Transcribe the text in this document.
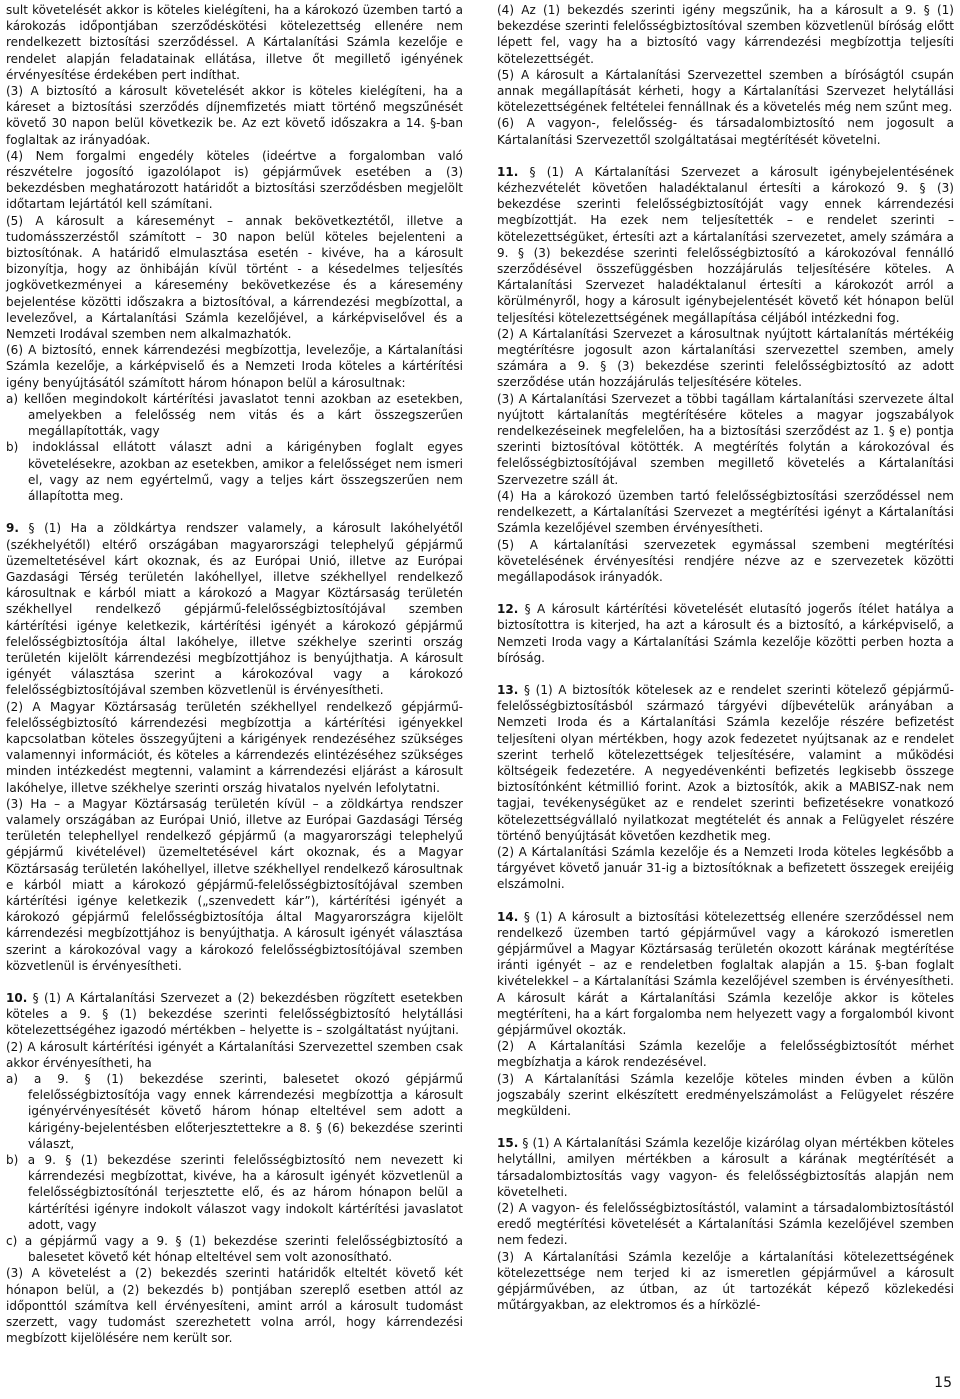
sult követelését akkor is köteles kielégíteni, ha a károkozó üzemben tartó a károkozás időpontjában szerződéskötési kötelezettség ellenére nem rendelkezett biztosítási szerződéssel. A Kártalanítási Számla kezelője e rendelet alapján feladatainak ellátása, illetve őt megillető igényének érvényesítése érdekében pert indíthat.

(3) A biztosító a károsult követelését akkor is köteles kielégíteni, ha a káreset a biztosítási szerződés díjnemfizetés miatt történő megszűnését követő 30 napon belül következik be. Az ezt követő időszakra a 14. §-ban foglaltak az irányadóak.

(4) Nem forgalmi engedély köteles (ideértve a forgalomban való részvételre jogosító igazolólapot is) gépjárművek esetében a (3) bekezdésben meghatározott határidőt a biztosítási szerződésben megjelölt időtartam lejártától kell számítani.

(5) A károsult a káreseményt – annak bekövetkeztétől, illetve a tudomásszerzéstől számított – 30 napon belül köteles bejelenteni a biztosítónak. A határidő elmulasztása esetén - kivéve, ha a károsult bizonyítja, hogy az önhibáján kívül történt - a késedelmes teljesítés jogkövetkezményei a káresemény bekövetkezése és a káresemény bejelentése közötti időszakra a biztosítóval, a kárrendezési megbízottal, a levelezővel, a Kártalanítási Számla kezelőjével, a kárképviselővel és a Nemzeti Irodával szemben nem alkalmazhatók.

(6) A biztosító, ennek kárrendezési megbízottja, levelezője, a Kártalanítási Számla kezelője, a kárképviselő és a Nemzeti Iroda köteles a kártérítési igény benyújtásától számított három hónapon belül a károsultnak:

a) kellően megindokolt kártérítési javaslatot tenni azokban az esetekben, amelyekben a felelősség nem vitás és a kárt összegszerűen megállapították, vagy

b) indoklással ellátott választ adni a kárigényben foglalt egyes követelésekre, azokban az esetekben, amikor a felelősséget nem ismeri el, vagy az nem egyértelmű, vagy a teljes kárt összegszerűen nem állapította meg.

9. § (1) Ha a zöldkártya rendszer valamely, a károsult lakóhelyétől (székhelyétől) eltérő országában magyarországi telephelyű gépjármű üzemeltetésével kárt okoznak, és az Európai Unió, illetve az Európai Gazdasági Térség területén lakóhellyel, illetve székhellyel rendelkező károsultnak e kárból miatt a károkozó a Magyar Köztársaság területén székhellyel rendelkező gépjármű-felelősségbiztosítójával szemben kártérítési igénye keletkezik, kártérítési igényét a károkozó gépjármű felelősségbiztosítója által lakóhelye, illetve székhelye szerinti ország területén kijelölt kárrendezési megbízottjához is benyújthatja. A károsult igényét választása szerint a károkozóval vagy a károkozó felelősségbiztosítójával szemben közvetlenül is érvényesítheti.

(2) A Magyar Köztársaság területén székhellyel rendelkező gépjármű-felelősségbiztosító kárrendezési megbízottja a kártérítési igényekkel kapcsolatban köteles összegyűjteni a kárigények rendezéséhez szükséges valamennyi információt, és köteles a kárrendezés elintézéséhez szükséges minden intézkedést megtenni, valamint a kárrendezési eljárást a károsult lakóhelye, illetve székhelye szerinti ország hivatalos nyelvén lefolytatni.

(3) Ha – a Magyar Köztársaság területén kívül – a zöldkártya rendszer valamely országában az Európai Unió, illetve az Európai Gazdasági Térség területén telephellyel rendelkező gépjármű (a magyarországi telephelyű gépjármű kivételével) üzemeltetésével kárt okoznak, és a Magyar Köztársaság területén lakóhellyel, illetve székhellyel rendelkező károsultnak e kárból miatt a károkozó gépjármű-felelősségbiztosítójával szemben kártérítési igénye keletkezik („szenvedett kár”), kártérítési igényét a károkozó gépjármű felelősségbiztosítója által Magyarországra kijelölt kárrendezési megbízottjához is benyújthatja. A károsult igényét választása szerint a károkozóval vagy a károkozó felelősségbiztosítójával szemben közvetlenül is érvényesítheti.

10. § (1) A Kártalanítási Szervezet a (2) bekezdésben rögzített esetekben köteles a 9. § (1) bekezdése szerinti felelősségbiztosító helytállási kötelezettségéhez igazodó mértékben – helyette is – szolgáltatást nyújtani.

(2) A károsult kártérítési igényét a Kártalanítási Szervezettel szemben csak akkor érvényesítheti, ha

a) a 9. § (1) bekezdése szerinti, balesetet okozó gépjármű felelősségbiztosítója vagy ennek kárrendezési megbízottja a károsult igényérvényesítését követő három hónap elteltével sem adott a kárigény-bejelentésben előterjesztettekre a 8. § (6) bekezdése szerinti választ,

b) a 9. § (1) bekezdése szerinti felelősségbiztosító nem nevezett ki kárrendezési megbízottat, kivéve, ha a károsult igényét közvetlenül a felelősségbiztosítónál terjesztette elő, és az három hónapon belül a kártérítési igényre indokolt válaszot vagy indokolt kártérítési javaslatot adott, vagy

c) a gépjármű vagy a 9. § (1) bekezdése szerinti felelősségbiztosító a balesetet követő két hónap elteltével sem volt azonosítható.

(3) A követelést a (2) bekezdés szerinti határidők elteltét követő két hónapon belül, a (2) bekezdés b) pontjában szereplő esetben attól az időponttól számítva kell érvényesíteni, amint arról a károsult tudomást szerzett, vagy tudomást szerezhetett volna arról, hogy kárrendezési megbízott kijelölésére nem került sor.

(4) Az (1) bekezdés szerinti igény megszűnik, ha a károsult a 9. § (1) bekezdése szerinti felelősségbiztosítóval szemben közvetlenül bíróság előtt lépett fel, vagy ha a biztosító vagy kárrendezési megbízottja teljesíti kötelezettségét.

(5) A károsult a Kártalanítási Szervezettel szemben a bíróságtól csupán annak megállapítását kérheti, hogy a Kártalanítási Szervezet helytállási kötelezettségének feltételei fennállnak és a követelés még nem szűnt meg.

(6) A vagyon-, felelősség- és társadalombiztosító nem jogosult a Kártalanítási Szervezettől szolgáltatásai megtérítését követelni.

11. § (1) A Kártalanítási Szervezet a károsult igénybejelentésének kézhezvételét követően haladéktalanul értesíti a károkozó 9. § (3) bekezdése szerinti felelősségbiztosítóját vagy ennek kárrendezési megbízottját. Ha ezek nem teljesítették – e rendelet szerinti – kötelezettségüket, értesíti azt a kártalanítási szervezetet, amely számára a 9. § (3) bekezdése szerinti felelősségbiztosító a károkozóval fennálló szerződésével összefüggésben hozzájárulás teljesítésére köteles. A Kártalanítási Szervezet haladéktalanul értesíti a károkozót arról a körülményről, hogy a károsult igénybejelentését követő két hónapon belül teljesítési kötelezettségének megállapítása céljából intézkedni fog.

(2) A Kártalanítási Szervezet a károsultnak nyújtott kártalanítás mértékéig megtérítésre jogosult azon kártalanítási szervezettel szemben, amely számára a 9. § (3) bekezdése szerinti felelősségbiztosító az adott szerződése után hozzájárulás teljesítésére köteles.

(3) A Kártalanítási Szervezet a többi tagállam kártalanítási szervezete által nyújtott kártalanítás megtérítésére köteles a magyar jogszabályok rendelkezéseinek megfelelően, ha a biztosítási szerződést az 1. § e) pontja szerinti biztosítóval kötötték. A megtérítés folytán a károkozóval és felelősségbiztosítójával szemben megillető követelés a Kártalanítási Szervezetre száll át.

(4) Ha a károkozó üzemben tartó felelősségbiztosítási szerződéssel nem rendelkezett, a Kártalanítási Szervezet a megtérítési igényt a Kártalanítási Számla kezelőjével szemben érvényesítheti.

(5) A kártalanítási szervezetek egymással szembeni megtérítési követelésének érvényesítési rendjére nézve az e szervezetek közötti megállapodások irányadók.

12. § A károsult kártérítési követelését elutasító jogerős ítélet hatálya a biztosítottra is kiterjed, ha azt a károsult és a biztosító, a kárképviselő, a Nemzeti Iroda vagy a Kártalanítási Számla kezelője közötti perben hozta a bíróság.

13. § (1) A biztosítók kötelesek az e rendelet szerinti kötelező gépjármű-felelősségbiztosításból származó tárgyévi díjbevételük arányában a Nemzeti Iroda és a Kártalanítási Számla kezelője részére befizetést teljesíteni olyan mértékben, hogy azok fedezetet nyújtsanak az e rendelet szerint terhelő kötelezettségek teljesítésére, valamint a működési költségeik fedezetére. A negyedévenkénti befizetés legkisebb összege biztosítónként kétmillió forint. Azok a biztosítók, akik a MABISZ-nak nem tagjai, tevékenységüket az e rendelet szerinti befizetésekre vonatkozó kötelezettségvállaló nyilatkozat megtételét és annak a Felügyelet részére történő benyújtását követően kezdhetik meg.

(2) A Kártalanítási Számla kezelője és a Nemzeti Iroda köteles legkésőbb a tárgyévet követő január 31-ig a biztosítóknak a befizetett összegek ereijéig elszámolni.

14. § (1) A károsult a biztosítási kötelezettség ellenére szerződéssel nem rendelkező üzemben tartó gépjárművel vagy a károkozó ismeretlen gépjárművel a Magyar Köztársaság területén okozott kárának megtérítése iránti igényét – az e rendeletben foglaltak alapján a 15. §-ban foglalt kivételekkel – a Kártalanítási Számla kezelőjével szemben is érvényesítheti. A károsult kárát a Kártalanítási Számla kezelője akkor is köteles megtéríteni, ha a kárt forgalomba nem helyezett vagy a forgalomból kivont gépjárművel okozták.

(2) A Kártalanítási Számla kezelője a felelősségbiztosítót mérhet megbízhatja a károk rendezésével.

(3) A Kártalanítási Számla kezelője köteles minden évben a külön jogszabály szerint elkészített eredményelszámolást a Felügyelet részére megküldeni.

15. § (1) A Kártalanítási Számla kezelője kizárólag olyan mértékben köteles helytállni, amilyen mértékben a károsult a kárának megtérítését a társadalombiztosítás vagy vagyon- és felelősségbiztosítás alapján nem követelheti.

(2) A vagyon- és felelősségbiztosítástól, valamint a társadalombiztosítástól eredő megtérítési követelését a Kártalanítási Számla kezelőjével szemben nem fedezi.

(3) A Kártalanítási Számla kezelője a kártalanítási kötelezettségének kötelezettsége nem terjed ki az ismeretlen gépjárművel a károsult gépjárművében, az útban, az út tartozékát képező közlekedési műtárgyakban, az elektromos és a hírközlé-

15
